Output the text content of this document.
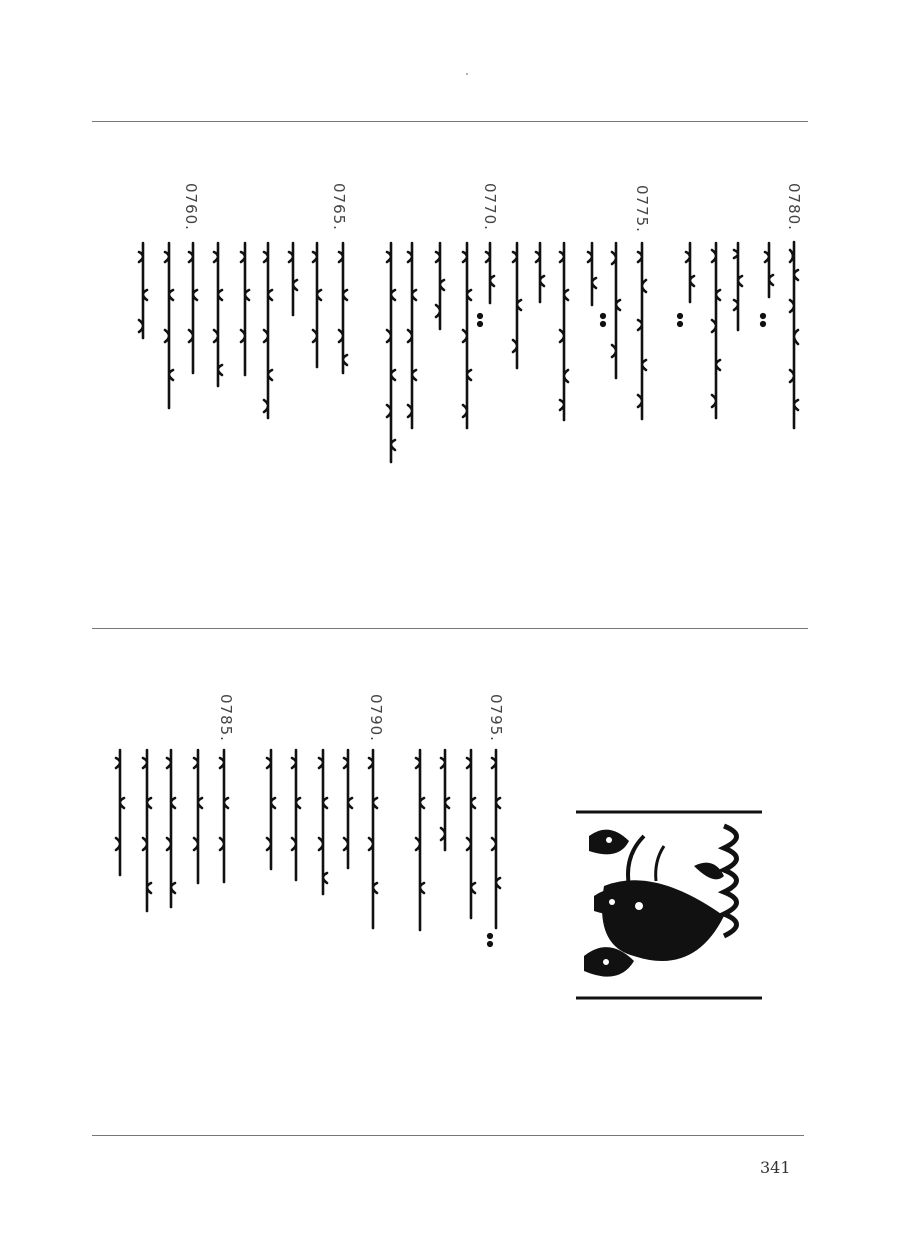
0780.
0775.
0770.
0765.
0760.
0795.
0790.
0785.
341
